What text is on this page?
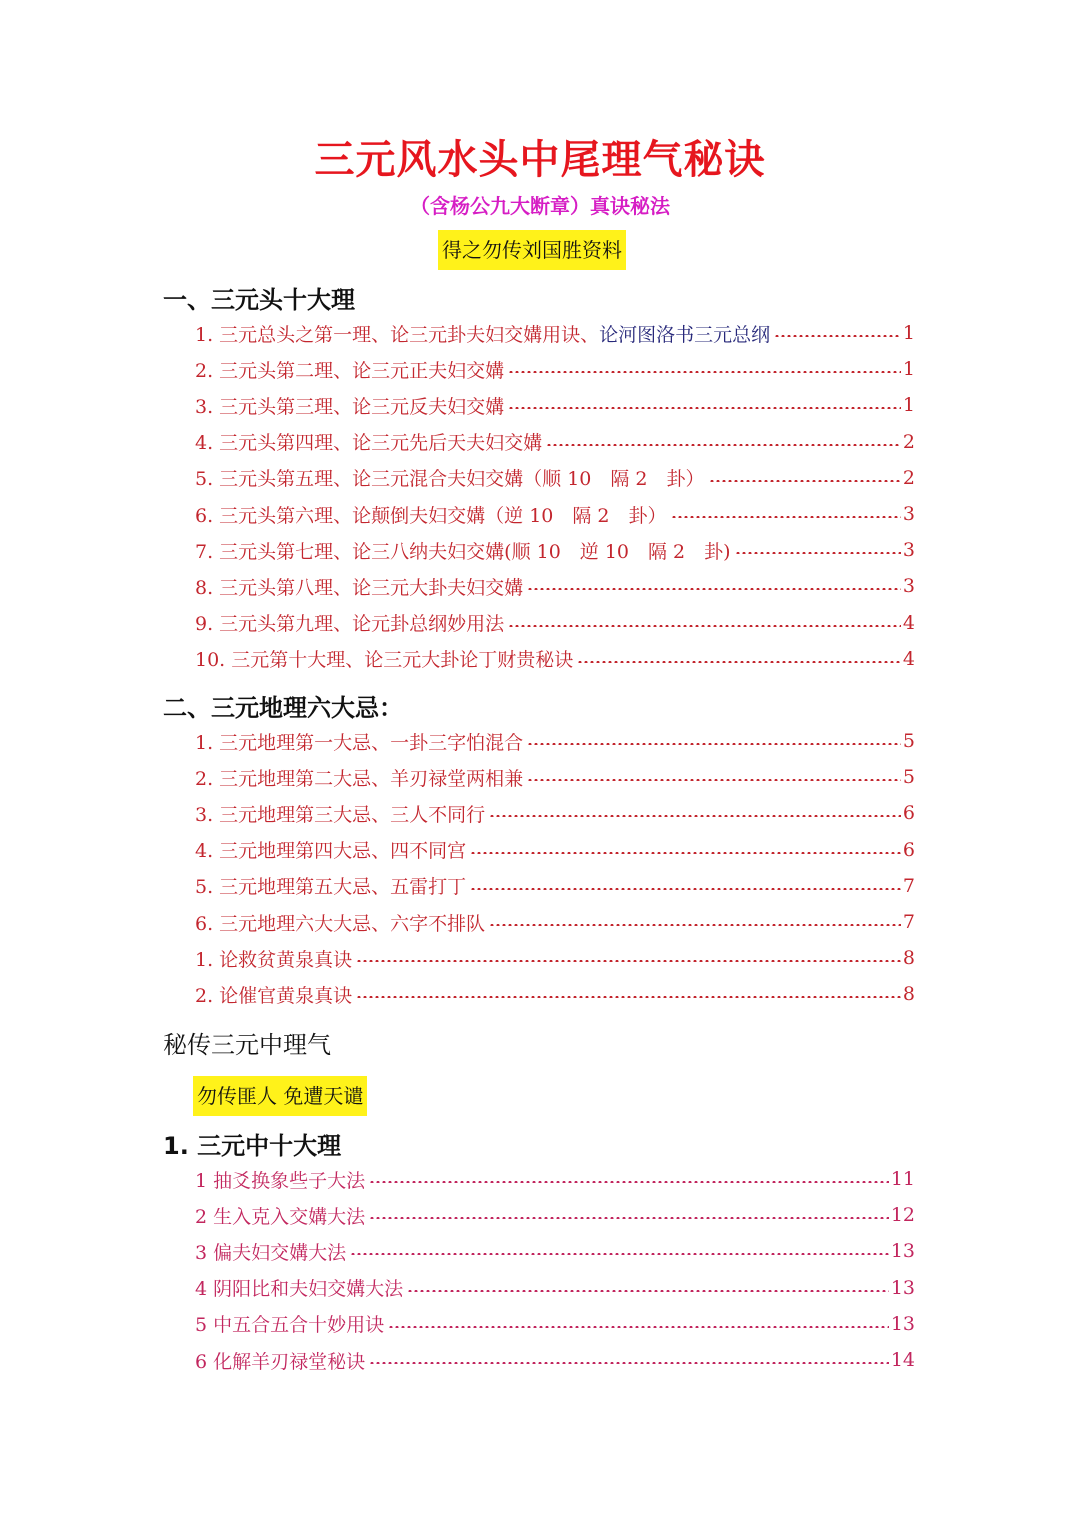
三元风水头中尾理气秘诀
（含杨公九大断章）真诀秘法
得之勿传刘国胜资料
一、三元头十大理
1. 三元总头之第一理、论三元卦夫妇交媾用诀、 论河图洛书三元总纲	1
2. 三元头第二理、论三元正夫妇交媾	1
3. 三元头第三理、论三元反夫妇交媾	1
4. 三元头第四理、论三元先后天夫妇交媾	2
5. 三元头第五理、论三元混合夫妇交媾（顺 10　隔 2　卦）	2
6. 三元头第六理、论颠倒夫妇交媾（逆 10　隔 2　卦）	3
7. 三元头第七理、论三八纳夫妇交媾(顺 10　逆 10　隔 2　卦)	3
8. 三元头第八理、论三元大卦夫妇交媾	3
9. 三元头第九理、论元卦总纲妙用法	4
10. 三元第十大理、论三元大卦论丁财贵秘诀	4
二、三元地理六大忌：
1. 三元地理第一大忌、一卦三字怕混合	5
2. 三元地理第二大忌、羊刃禄堂两相兼	5
3. 三元地理第三大忌、三人不同行	6
4. 三元地理第四大忌、四不同宫	6
5. 三元地理第五大忌、五雷打丁	7
6. 三元地理六大大忌、六字不排队	7
1. 论救贫黄泉真诀	8
2. 论催官黄泉真诀	8
秘传三元中理气
勿传匪人 免遭天谴
1. 三元中十大理
1 抽爻换象些子大法	11
2 生入克入交媾大法	12
3 偏夫妇交媾大法	13
4 阴阳比和夫妇交媾大法	13
5 中五合五合十妙用诀	13
6 化解羊刃禄堂秘诀	14
